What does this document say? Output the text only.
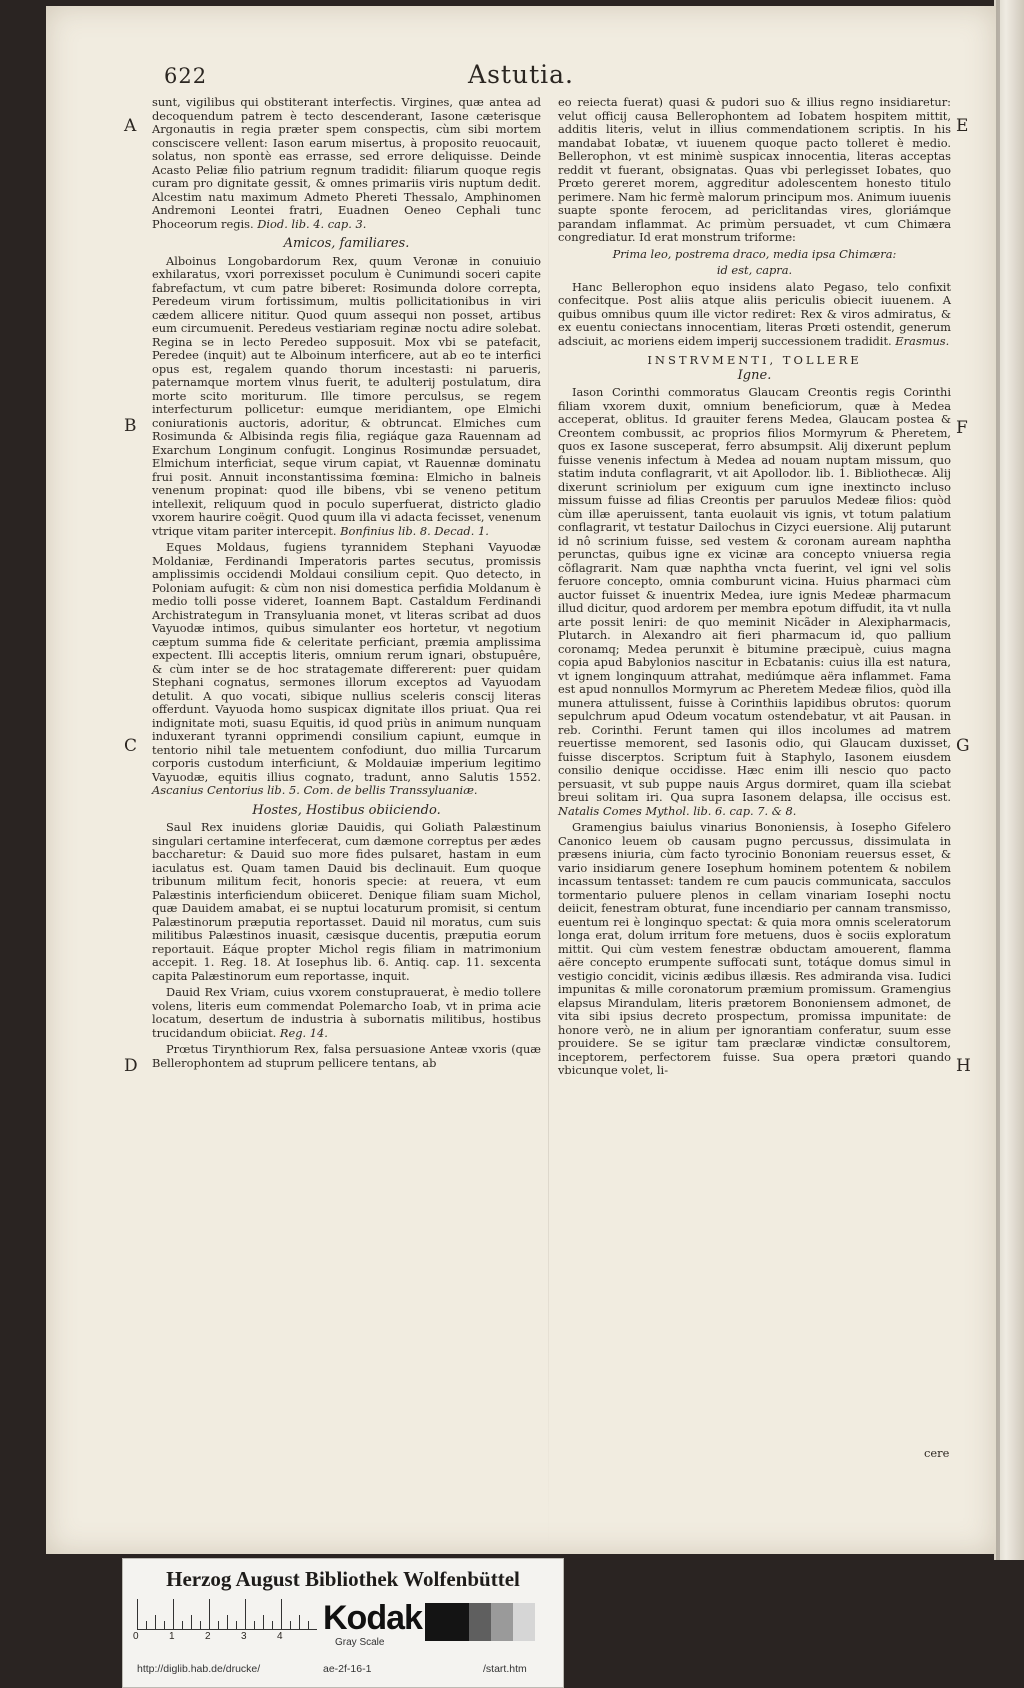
622	Astutia.
A
B
C
D
E
F
G
H

sunt, vigilibus qui obstiterant interfectis. Virgines, quæ antea ad decoquendum patrem è tecto descenderant, Iasone cæterisque Argonautis in regia præter spem conspectis, cùm sibi mortem consciscere vellent: Iason earum misertus, à proposito reuocauit, solatus, non spontè eas errasse, sed errore deliquisse. Deinde Acasto Peliæ filio patrium regnum tradidit: filiarum quoque regis curam pro dignitate gessit, & omnes primariis viris nuptum dedit. Alcestim natu maximum Admeto Phereti Thessalo, Amphinomen Andremoni Leontei fratri, Euadnen Oeneo Cephali tunc Phoceorum regis. Diod. lib. 4. cap. 3.

Amicos, familiares.

Alboinus Longobardorum Rex, quum Veronæ in conuiuio exhilaratus, vxori porrexisset poculum è Cunimundi soceri capite fabrefactum, vt cum patre biberet: Rosimunda dolore correpta, Peredeum virum fortissimum, multis pollicitationibus in viri cædem allicere nititur. Quod quum assequi non posset, artibus eum circumuenit. Peredeus vestiariam reginæ noctu adire solebat. Regina se in lecto Peredeo supposuit. Mox vbi se patefacit, Peredee (inquit) aut te Alboinum interficere, aut ab eo te interfici opus est, regalem quando thorum incestasti: ni parueris, paternamque mortem vlnus fuerit, te adulterij postulatum, dira morte scito moriturum. Ille timore perculsus, se regem interfecturum pollicetur: eumque meridiantem, ope Elmichi coniurationis auctoris, adoritur, & obtruncat. Elmiches cum Rosimunda & Albisinda regis filia, regiáque gaza Rauennam ad Exarchum Longinum confugit. Longinus Rosimundæ persuadet, Elmichum interficiat, seque virum capiat, vt Rauennæ dominatu frui posit. Annuit inconstantissima fœmina: Elmicho in balneis venenum propinat: quod ille bibens, vbi se veneno petitum intellexit, reliquum quod in poculo superfuerat, districto gladio vxorem haurire coëgit. Quod quum illa vi adacta fecisset, venenum vtrique vitam pariter intercepit. Bonfinius lib. 8. Decad. 1.

Eques Moldaus, fugiens tyrannidem Stephani Vayuodæ Moldaniæ, Ferdinandi Imperatoris partes secutus, promissis amplissimis occidendi Moldaui consilium cepit. Quo detecto, in Poloniam aufugit: & cùm non nisi domestica perfidia Moldanum è medio tolli posse videret, Ioannem Bapt. Castaldum Ferdinandi Archistrategum in Transyluania monet, vt literas scribat ad duos Vayuodæ intimos, quibus simulanter eos hortetur, vt negotium cæptum summa fide & celeritate perficiant, præmia amplissima expectent. Illi acceptis literis, omnium rerum ignari, obstupuêre, & cùm inter se de hoc stratagemate differerent: puer quidam Stephani cognatus, sermones illorum exceptos ad Vayuodam detulit. A quo vocati, sibique nullius sceleris conscij literas offerdunt. Vayuoda homo suspicax dignitate illos priuat. Qua rei indignitate moti, suasu Equitis, id quod priùs in animum nunquam induxerant tyranni opprimendi consilium capiunt, eumque in tentorio nihil tale metuentem confodiunt, duo millia Turcarum corporis custodum interficiunt, & Moldauiæ imperium legitimo Vayuodæ, equitis illius cognato, tradunt, anno Salutis 1552. Ascanius Centorius lib. 5. Com. de bellis Transsyluaniæ.

Hostes, Hostibus obiiciendo.

Saul Rex inuidens gloriæ Dauidis, qui Goliath Palæstinum singulari certamine interfecerat, cum dæmone correptus per ædes baccharetur: & Dauid suo more fides pulsaret, hastam in eum iaculatus est. Quam tamen Dauid bis declinauit. Eum quoque tribunum militum fecit, honoris specie: at reuera, vt eum Palæstinis interficiendum obiiceret. Denique filiam suam Michol, quæ Dauidem amabat, ei se nuptui locaturum promisit, si centum Palæstinorum præputia reportasset. Dauid nil moratus, cum suis militibus Palæstinos inuasit, cæsisque ducentis, præputia eorum reportauit. Eáque propter Michol regis filiam in matrimonium accepit. 1. Reg. 18. At Iosephus lib. 6. Antiq. cap. 11. sexcenta capita Palæstinorum eum reportasse, inquit.

Dauid Rex Vriam, cuius vxorem constuprauerat, è medio tollere volens, literis eum commendat Polemarcho Ioab, vt in prima acie locatum, desertum de industria à subornatis militibus, hostibus trucidandum obiiciat. Reg. 14.

Prœtus Tirynthiorum Rex, falsa persuasione Anteæ vxoris (quæ Bellerophontem ad stuprum pellicere tentans, ab

eo reiecta fuerat) quasi & pudori suo & illius regno insidiaretur: velut officij causa Bellerophontem ad Iobatem hospitem mittit, additis literis, velut in illius commendationem scriptis. In his mandabat Iobatæ, vt iuuenem quoque pacto tolleret è medio. Bellerophon, vt est minimè suspicax innocentia, literas acceptas reddit vt fuerant, obsignatas. Quas vbi perlegisset Iobates, quo Prœto gereret morem, aggreditur adolescentem honesto titulo perimere. Nam hic fermè malorum principum mos. Animum iuuenis suapte sponte ferocem, ad periclitandas vires, gloriámque parandam inflammat. Ac primùm persuadet, vt cum Chimæra congrediatur. Id erat monstrum triforme:

Prima leo, postrema draco, media ipsa Chimæra:

id est, capra.

Hanc Bellerophon equo insidens alato Pegaso, telo confixit confecitque. Post aliis atque aliis periculis obiecit iuuenem. A quibus omnibus quum ille victor rediret: Rex & viros admiratus, & ex euentu coniectans innocentiam, literas Prœti ostendit, generum adsciuit, ac moriens eidem imperij successionem tradidit. Erasmus.

INSTRVMENTI, TOLLERE
Igne.

Iason Corinthi commoratus Glaucam Creontis regis Corinthi filiam vxorem duxit, omnium beneficiorum, quæ à Medea acceperat, oblitus. Id grauiter ferens Medea, Glaucam postea & Creontem combussit, ac proprios filios Mormyrum & Pheretem, quos ex Iasone susceperat, ferro absumpsit. Alij dixerunt peplum fuisse venenis infectum à Medea ad nouam nuptam missum, quo statim induta conflagrarit, vt ait Apollodor. lib. 1. Bibliothecæ. Alij dixerunt scriniolum per exiguum cum igne inextincto incluso missum fuisse ad filias Creontis per paruulos Medeæ filios: quòd cùm illæ aperuissent, tanta euolauit vis ignis, vt totum palatium conflagrarit, vt testatur Dailochus in Cizyci euersione. Alij putarunt id nô scrinium fuisse, sed vestem & coronam auream naphtha perunctas, quibus igne ex vicinæ ara concepto vniuersa regia cõflagrarit. Nam quæ naphtha vncta fuerint, vel igni vel solis feruore concepto, omnia comburunt vicina. Huius pharmaci cùm auctor fuisset & inuentrix Medea, iure ignis Medeæ pharmacum illud dicitur, quod ardorem per membra epotum diffudit, ita vt nulla arte possit leniri: de quo meminit Nicãder in Alexipharmacis, Plutarch. in Alexandro ait fieri pharmacum id, quo pallium coronamq; Medea perunxit è bitumine præcipuè, cuius magna copia apud Babylonios nascitur in Ecbatanis: cuius illa est natura, vt ignem longinquum attrahat, mediúmque aëra inflammet. Fama est apud nonnullos Mormyrum ac Pheretem Medeæ filios, quòd illa munera attulissent, fuisse à Corinthiis lapidibus obrutos: quorum sepulchrum apud Odeum vocatum ostendebatur, vt ait Pausan. in reb. Corinthi. Ferunt tamen qui illos incolumes ad matrem reuertisse memorent, sed Iasonis odio, qui Glaucam duxisset, fuisse discerptos. Scriptum fuit à Staphylo, Iasonem eiusdem consilio denique occidisse. Hæc enim illi nescio quo pacto persuasit, vt sub puppe nauis Argus dormiret, quam illa sciebat breui solitam iri. Qua supra Iasonem delapsa, ille occisus est. Natalis Comes Mythol. lib. 6. cap. 7. & 8.

Gramengius baiulus vinarius Bononiensis, à Iosepho Gifelero Canonico leuem ob causam pugno percussus, dissimulata in præsens iniuria, cùm facto tyrocinio Bononiam reuersus esset, & vario insidiarum genere Iosephum hominem potentem & nobilem incassum tentasset: tandem re cum paucis communicata, sacculos tormentario puluere plenos in cellam vinariam Iosephi noctu deiicit, fenestram obturat, fune incendiario per cannam transmisso, euentum rei è longinquo spectat: & quia mora omnis sceleratorum longa erat, dolum irritum fore metuens, duos è sociis exploratum mittit. Qui cùm vestem fenestræ obductam amouerent, flamma aëre concepto erumpente suffocati sunt, totáque domus simul in vestigio concidit, vicinis ædibus illæsis. Res admiranda visa. Iudici impunitas & mille coronatorum præmium promissum. Gramengius elapsus Mirandulam, literis prætorem Bononiensem admonet, de vita sibi ipsius decreto prospectum, promissa impunitate: de honore verò, ne in alium per ignorantiam conferatur, suum esse prouidere. Se se igitur tam præclaræ vindictæ consultorem, inceptorem, perfectorem fuisse. Sua opera prætori quando vbicunque volet, li-

cere
Herzog August Bibliothek Wolfenbüttel
0	1	2	3	4 Kodak
Gray Scale
http://diglib.hab.de/drucke/	ae-2f-16-1	/start.htm
